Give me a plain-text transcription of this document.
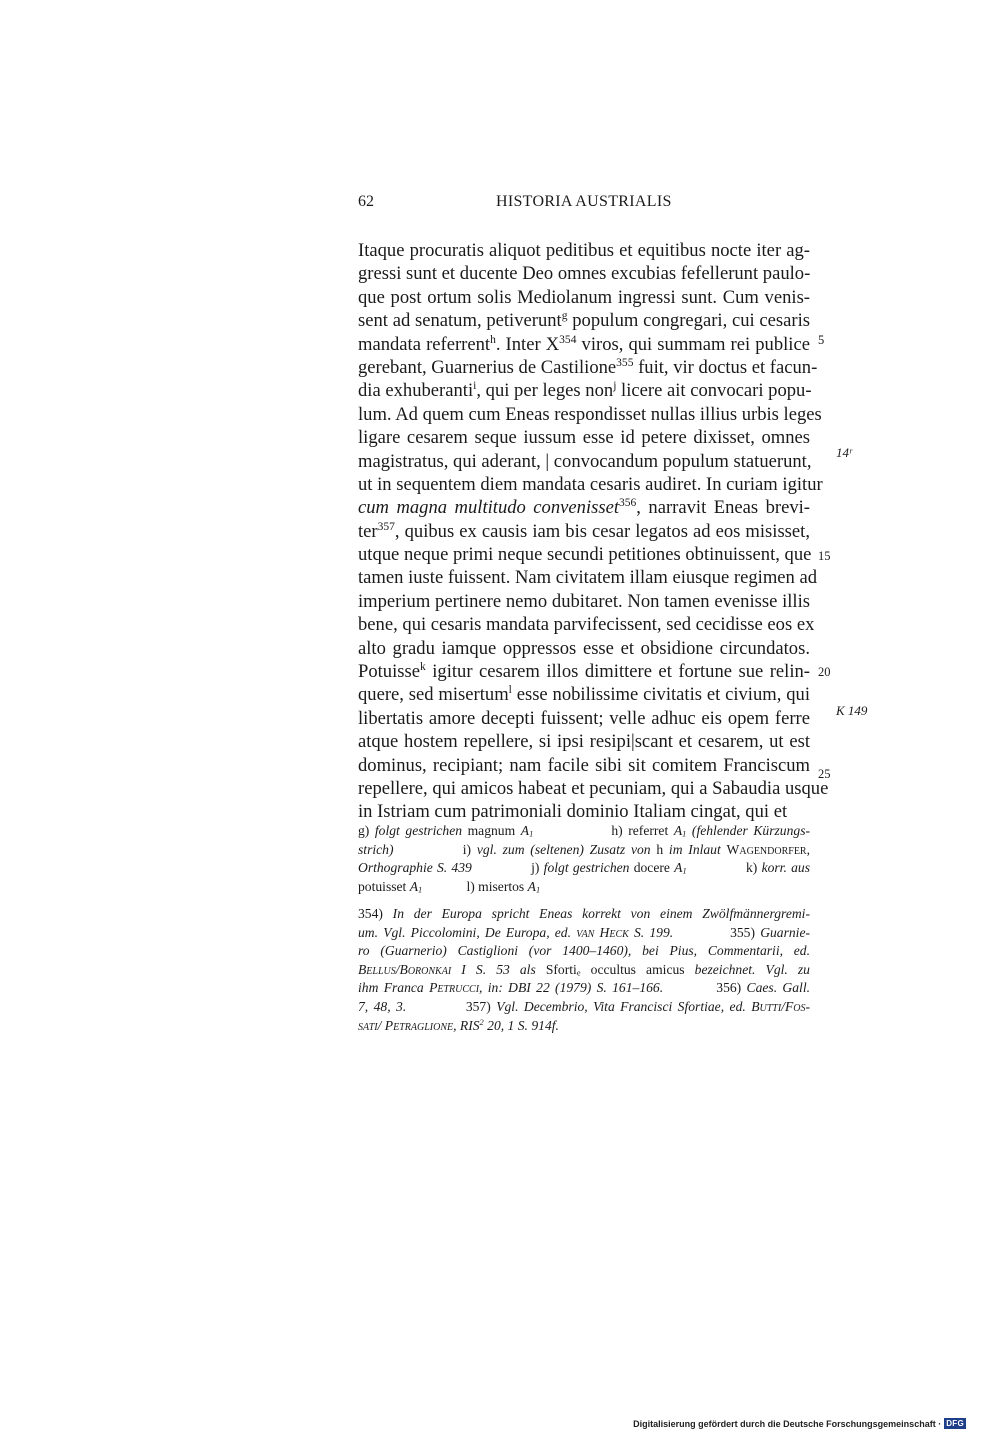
62	HISTORIA AUSTRIALIS
Itaque procuratis aliquot peditibus et equitibus nocte iter ag-
gressi sunt et ducente Deo omnes excubias fefellerunt paulo-
que post ortum solis Mediolanum ingressi sunt. Cum venis-
sent ad senatum, petiverunt$^g$ populum congregari, cui cesaris
mandata referrent$^h$. Inter $X^{354}$ viros, qui summam rei publice
gerebant, Guarnerius de Castilione$^{355}$ fuit, vir doctus et facun-
dia exhuberanti$^i$, qui per leges non$^j$ licere ait convocari popu-
lum. Ad quem cum Eneas respondisset nullas illius urbis leges
ligare cesarem seque iussum esse id petere dixisset, omnes
magistratus, qui aderant, | convocandum populum statuerunt,
ut in sequentem diem mandata cesaris audiret. In curiam igitur
cum magna multitudo convenisset$^{356}$, narravit Eneas brevi-
ter$^{357}$, quibus ex causis iam bis cesar legatos ad eos misisset,
utque neque primi neque secundi petitiones obtinuissent, que
tamen iuste fuissent. Nam civitatem illam eiusque regimen ad
imperium pertinere nemo dubitaret. Non tamen evenisse illis
bene, qui cesaris mandata parvifecissent, sed cecidisse eos ex
alto gradu iamque oppressos esse et obsidione circundatos.
Potuisse$^k$ igitur cesarem illos dimittere et fortune sue relin-
quere, sed misertum$^l$ esse nobilissime civitatis et civium, qui
libertatis amore decepti fuissent; velle adhuc eis opem ferre
atque hostem repellere, si ipsi resipi|scant et cesarem, ut est
dominus, recipiant; nam facile sibi sit comitem Franciscum
repellere, qui amicos habeat et pecuniam, qui a Sabaudia usque
in Istriam cum patrimoniali dominio Italiam cingat, qui et
5
15
20
25
14ʳ
K 149
g) folgt gestrichen magnum $A_1$              h) referret $A_1$ (fehlender Kürzungs-
strich)            i) vgl. zum (seltenen) Zusatz von h im Inlaut Wagendorfer,
Orthographie S. 439              j) folgt gestrichen docere $A_1$              k) korr. aus
potuisset $A_1$             l) misertos $A_1$
354) In der Europa spricht Eneas korrekt von einem Zwölfmännergremi-
um. Vgl. Piccolomini, De Europa, ed. van Heck S. 199.           355) Guarnie-
ro (Guarnerio) Castiglioni (vor 1400–1460), bei Pius, Commentarii, ed.
Bellus/Boronkai I S. 53 als Sforti$_e$ occultus amicus bezeichnet. Vgl. zu
ihm Franca Petrucci, in: DBI 22 (1979) S. 161–166.          356) Caes. Gall.
7, 48, 3.           357) Vgl. Decembrio, Vita Francisci Sfortiae, ed. Butti/Fos-
sati/ Petraglione, RIS$^2$ 20, 1 S. 914f.
Digitalisierung gefördert durch die Deutsche Forschungsgemeinschaft · DFG
